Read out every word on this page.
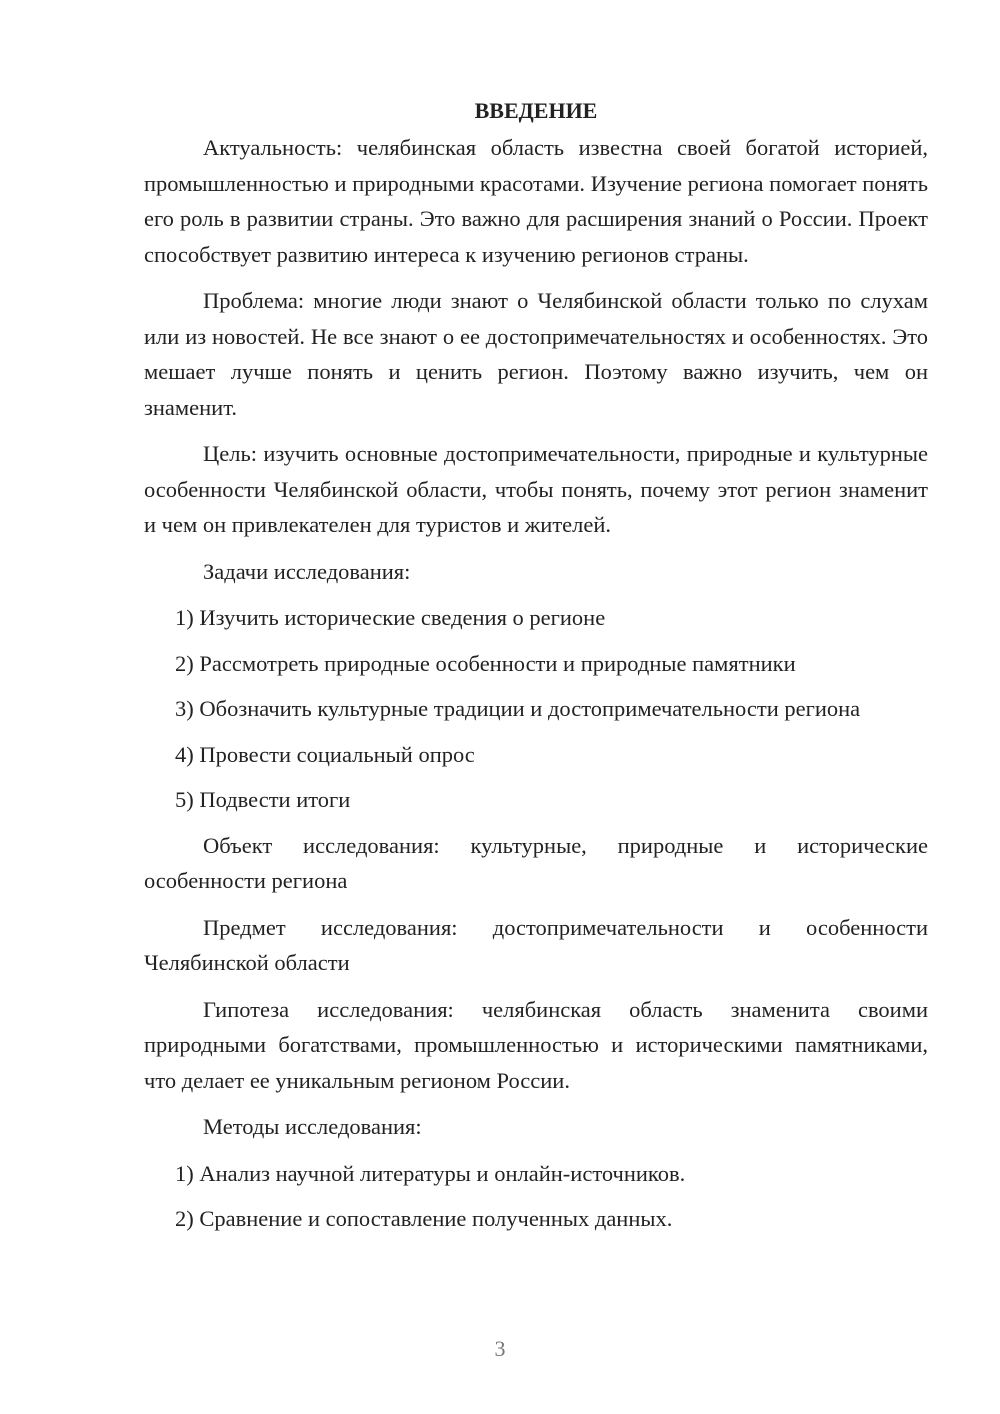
ВВЕДЕНИЕ

Актуальность: челябинская область известна своей богатой историей, промышленностью и природными красотами. Изучение региона помогает понять его роль в развитии страны. Это важно для расширения знаний о России. Проект способствует развитию интереса к изучению регионов страны.

Проблема: многие люди знают о Челябинской области только по слухам или из новостей. Не все знают о ее достопримечательностях и особенностях. Это мешает лучше понять и ценить регион. Поэтому важно изучить, чем он знаменит.

Цель: изучить основные достопримечательности, природные и культурные особенности Челябинской области, чтобы понять, почему этот регион знаменит и чем он привлекателен для туристов и жителей.

Задачи исследования:

1) Изучить исторические сведения о регионе

2) Рассмотреть природные особенности и природные памятники

3) Обозначить культурные традиции и достопримечательности региона

4) Провести социальный опрос

5) Подвести итоги

Объект исследования: культурные, природные и исторические особенности региона

Предмет исследования: достопримечательности и особенности Челябинской области

Гипотеза исследования: челябинская область знаменита своими природными богатствами, промышленностью и историческими памятниками, что делает ее уникальным регионом России.

Методы исследования:

1) Анализ научной литературы и онлайн-источников.

2) Сравнение и сопоставление полученных данных.

3
